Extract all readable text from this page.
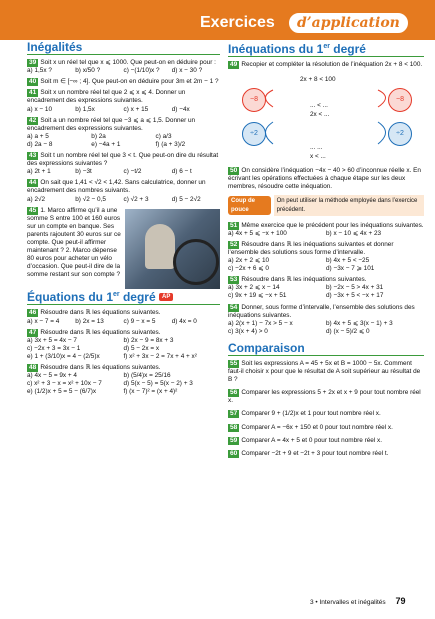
Exercices	d’application
Inégalités
39 Soit x un réel tel que x ⩽ 1000. Que peut-on en déduire pour :
a) 1,5x ?	b) x/50 ?	c) −(1/10)x ?	d) x − 30 ?
40 Soit m ∈ [−∞ ; 4]. Que peut-on en déduire pour 3m et 2m − 1 ?
41 Soit x un nombre réel tel que 2 ⩽ x ⩽ 4. Donner un encadrement des expressions suivantes.
a) x − 10	b) 1,5x	c) x + 15	d) −4x
42 Soit a un nombre réel tel que −3 ⩽ a ⩽ 1,5. Donner un encadrement des expressions suivantes.
a) a + 5	b) 2a	c) a/3
d) 2a − 8	e) −4a + 1	f) (a + 3)/2
43 Soit t un nombre réel tel que 3 < t. Que peut-on dire du résultat des expressions suivantes ?
a) 2t + 1	b) −3t	c) −t/2	d) 6 − t
44 On sait que 1,41 < √2 < 1,42. Sans calculatrice, donner un encadrement des nombres suivants.
a) 2√2	b) √2 − 0,5	c) √2 + 3	d) 5 − 2√2
45 1. Marco affirme qu’il a une somme S entre 100 et 160 euros sur un compte en banque. Ses parents rajoutent 30 euros sur ce compte. Que peut-il affirmer maintenant ? 2. Marco dépense 80 euros pour acheter un vélo d’occasion. Que peut-il dire de la somme restant sur son compte ?
Équations du 1er degré AP
46 Résoudre dans ℝ les équations suivantes.
a) x − 7 = 4	b) 2x = 13	c) 9 − x = 5	d) 4x = 0
47 Résoudre dans ℝ les équations suivantes.
a) 3x + 5 = 4x − 7	b) 2x − 9 = 8x + 3
c) −2x + 3 = 3x − 1	d) 5 − 2x = x
e) 1 + (3/10)x = 4 − (2/5)x	f) x² + 3x − 2 = 7x + 4 + x²
48 Résoudre dans ℝ les équations suivantes.
a) 4x − 5 = 9x + 4	b) (5/4)x = 25/16
c) x² + 3 − x = x² + 10x − 7	d) 5(x − 5) = 5(x − 2) + 3
e) (1/2)x + 5 = 5 − (6/7)x	f) (x − 7)² = (x + 4)²
Inéquations du 1er degré
49 Recopier et compléter la résolution de l’inéquation 2x + 8 < 100.
2x + 8 < 100
−8	−8
... < ...
2x < ...
÷2	÷2
... ...
x < ...
50 On considère l’inéquation −4x − 40 > 60 d’inconnue réelle x. En écrivant les opérations effectuées à chaque étape sur les deux membres, résoudre cette inéquation.
Coup de pouce
On peut utiliser la méthode employée dans l’exercice précédent.
51 Même exercice que le précédent pour les inéquations suivantes.
a) 4x + 5 ⩽ −x + 100	b) x − 10 ⩽ 4x + 23
52 Résoudre dans ℝ les inéquations suivantes et donner l’ensemble des solutions sous forme d’intervalle.
a) 2x + 2 ⩽ 10	b) 4x + 5 < −25
c) −2x + 6 ⩽ 0	d) −3x − 7 ⩾ 101
53 Résoudre dans ℝ les inéquations suivantes.
a) 3x + 2 ⩽ x − 14	b) −2x − 5 > 4x + 31
c) 9x + 19 ⩽ −x + 51	d) −3x + 5 < −x + 17
54 Donner, sous forme d’intervalle, l’ensemble des solutions des inéquations suivantes.
a) 2(x + 1) − 7x > 5 − x	b) 4x + 5 ⩽ 3(x − 1) + 3
c) 3(x + 4) > 0	d) (x − 5)/2 ⩽ 0
Comparaison
55 Soit les expressions A = 45 + 5x et B = 1000 − 5x. Comment faut-il choisir x pour que le résultat de A soit supérieur au résultat de B ?
56 Comparer les expressions 5 + 2x et x + 9 pour tout nombre réel x.
57 Comparer 9 + (1/2)x et 1 pour tout nombre réel x.
58 Comparer A = −6x + 150 et 0 pour tout nombre réel x.
59 Comparer A = 4x + 5 et 0 pour tout nombre réel x.
60 Comparer −2t + 9 et −2t + 3 pour tout nombre réel t.
3 • Intervalles et inégalités 79
